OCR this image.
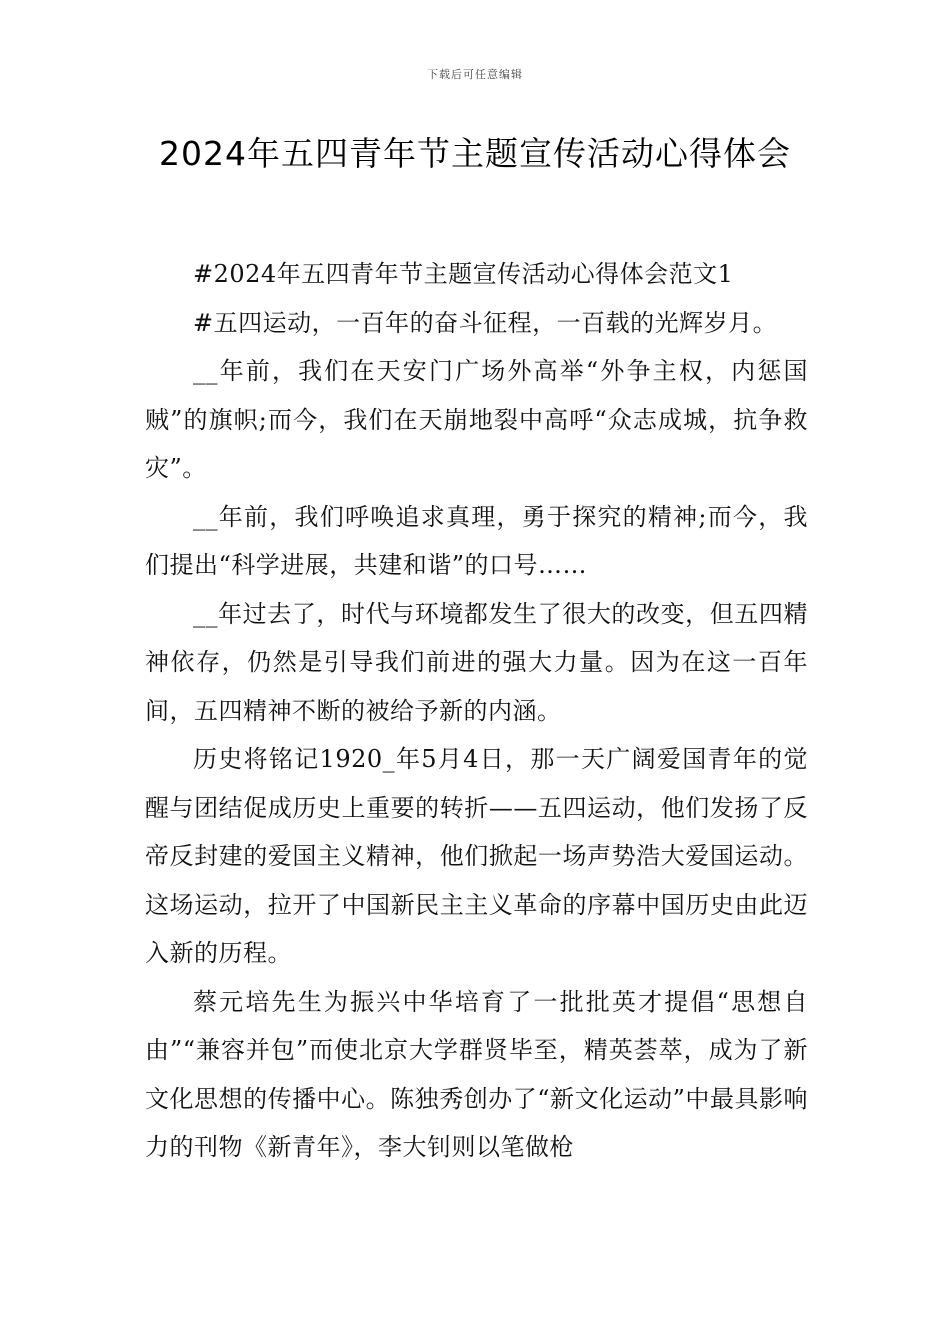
下载后可任意编辑
2024年五四青年节主题宣传活动心得体会

#2024年五四青年节主题宣传活动心得体会范文1

#五四运动，一百年的奋斗征程，一百载的光辉岁月。

__年前，我们在天安门广场外高举“外争主权，内惩国贼”的旗帜;而今，我们在天崩地裂中高呼“众志成城，抗争救灾”。

__年前，我们呼唤追求真理，勇于探究的精神;而今，我们提出“科学进展，共建和谐”的口号……

__年过去了，时代与环境都发生了很大的改变，但五四精神依存，仍然是引导我们前进的强大力量。因为在这一百年间，五四精神不断的被给予新的内涵。

历史将铭记1920_年5月4日，那一天广阔爱国青年的觉醒与团结促成历史上重要的转折——五四运动，他们发扬了反帝反封建的爱国主义精神，他们掀起一场声势浩大爱国运动。这场运动，拉开了中国新民主主义革命的序幕中国历史由此迈入新的历程。

蔡元培先生为振兴中华培育了一批批英才提倡“思想自由”“兼容并包”而使北京大学群贤毕至，精英荟萃，成为了新文化思想的传播中心。陈独秀创办了“新文化运动”中最具影响力的刊物《新青年》，李大钊则以笔做枪
